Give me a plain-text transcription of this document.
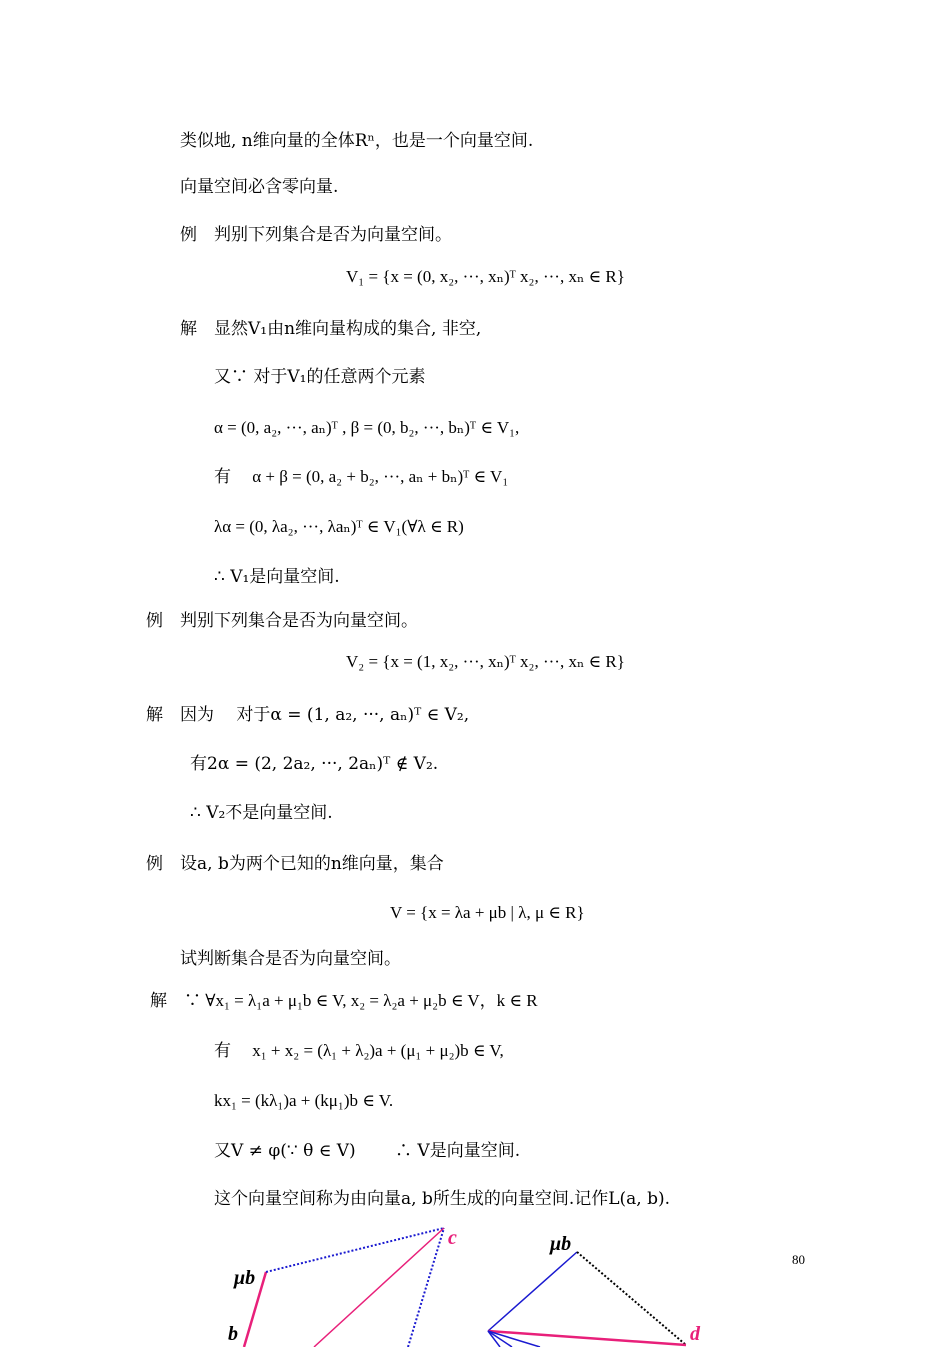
类似地, n维向量的全体Rⁿ，也是一个向量空间.
向量空间必含零向量.
例　判别下列集合是否为向量空间。
V₁ = {x = (0, x₂, ···, xₙ)ᵀ x₂, ···, xₙ ∈ R}
解　显然V₁由n维向量构成的集合, 非空,
又∵ 对于V₁的任意两个元素
α = (0, a₂, ···, aₙ)ᵀ , β = (0, b₂, ···, bₙ)ᵀ ∈ V₁,
有　 α + β = (0, a₂ + b₂, ···, aₙ + bₙ)ᵀ ∈ V₁
λα = (0, λa₂, ···, λaₙ)ᵀ ∈ V₁(∀λ ∈ R)
∴ V₁是向量空间.
例　判别下列集合是否为向量空间。
V₂ = {x = (1, x₂, ···, xₙ)ᵀ x₂, ···, xₙ ∈ R}
解　因为　 对于α = (1, a₂, ···, aₙ)ᵀ ∈ V₂,
有2α = (2, 2a₂, ···, 2aₙ)ᵀ ∉ V₂.
∴ V₂不是向量空间.
例　设a, b为两个已知的n维向量，集合
V = {x = λa + μb | λ, μ ∈ R}
试判断集合是否为向量空间。
解　∵ ∀x₁ = λ₁a + μ₁b ∈ V, x₂ = λ₂a + μ₂b ∈ V，k ∈ R
有　 x₁ + x₂ = (λ₁ + λ₂)a + (μ₁ + μ₂)b ∈ V,
kx₁ = (kλ₁)a + (kμ₁)b ∈ V.
又V ≠ φ(∵ θ ∈ V)　　 ∴ V是向量空间.
这个向量空间称为由向量a, b所生成的向量空间.记作L(a, b).
80
μb
b
c	μb
d
